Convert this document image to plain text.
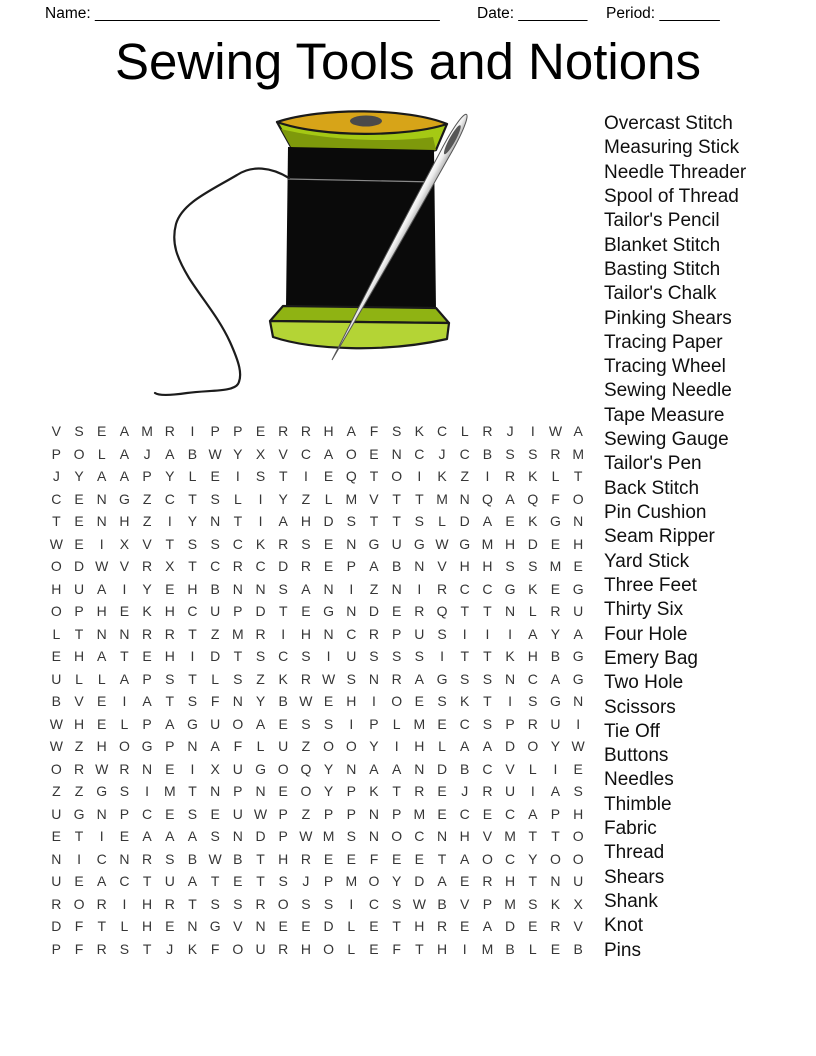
Name: ________________________________________ Date: ________ Period: _______
Sewing Tools and Notions
V S E A M R	I	P P E R R H A F S K C L R	J	I	W A
P O L	A	J	A B W Y X V C A O E N C	J	C B S S R M
J	Y A A P Y	L	E	I	S T	I	E Q T O	I	K Z	I	R K	L	T
C E N G Z C T S	L	I	Y Z	L M V T	T M N Q A Q F O
T E N H Z	I	Y N T	I	A H D S T	T S	L D A E K G N
W E	I	X V T S S C K R S E N G U G W G M H D E H
O D W V R X T C R C D R E P A B N V H H S S M E
H U A	I	Y E H B N N S A N	I	Z N	I	R C C G K E G
O P H E K H C U P D T E G N D E R Q T	T N L R U
L	T N N R R T	Z M R	I	H N C R P U S	I	I	I	A Y A
E H A T E H	I	D T S C S	I	U S S S	I	T	T K H B G
U L	L	A P S T	L	S Z K R W S N R A G S S N C A G
B V E	I	A T S F N Y B W E H	I	O E S K T	I	S G N
W H E	L	P A G U O A E S S	I	P	L M E C S P R U	I
W Z H O G P N A F	L U Z O O Y	I	H L	A A D O Y W
O R W R N E	I	X U G O Q Y N A A N D B C V	L	I	E
Z	Z G S	I	M T N P N E O Y P K T R E	J	R U	I	A S
U G N P C E S E U W P Z P P N P M E C E C A P H
E T	I	E A A A S N D P W M S N O C N H V M T	T O
N	I	C N R S B W B T H R E E F E E T A O C Y O O
U E A C T U A T E T S	J	P M O Y D A E R H T N U
R O R	I	H R T S S R O S S	I	C S W B V P M S K X
D F	T	L H E N G V N E E D L	E T H R E A D E R V
P F R S T	J	K F O U R H O L	E F	T H	I	M B	L	E B
Overcast Stitch
Measuring Stick
Needle Threader
Spool of Thread
Tailor's Pencil
Blanket Stitch
Basting Stitch
Tailor's Chalk
Pinking Shears
Tracing Paper
Tracing Wheel
Sewing Needle
Tape Measure
Sewing Gauge
Tailor's Pen
Back Stitch
Pin Cushion
Seam Ripper
Yard Stick
Three Feet
Thirty Six
Four Hole
Emery Bag
Two Hole
Scissors
Tie Off
Buttons
Needles
Thimble
Fabric
Thread
Shears
Shank
Knot
Pins
